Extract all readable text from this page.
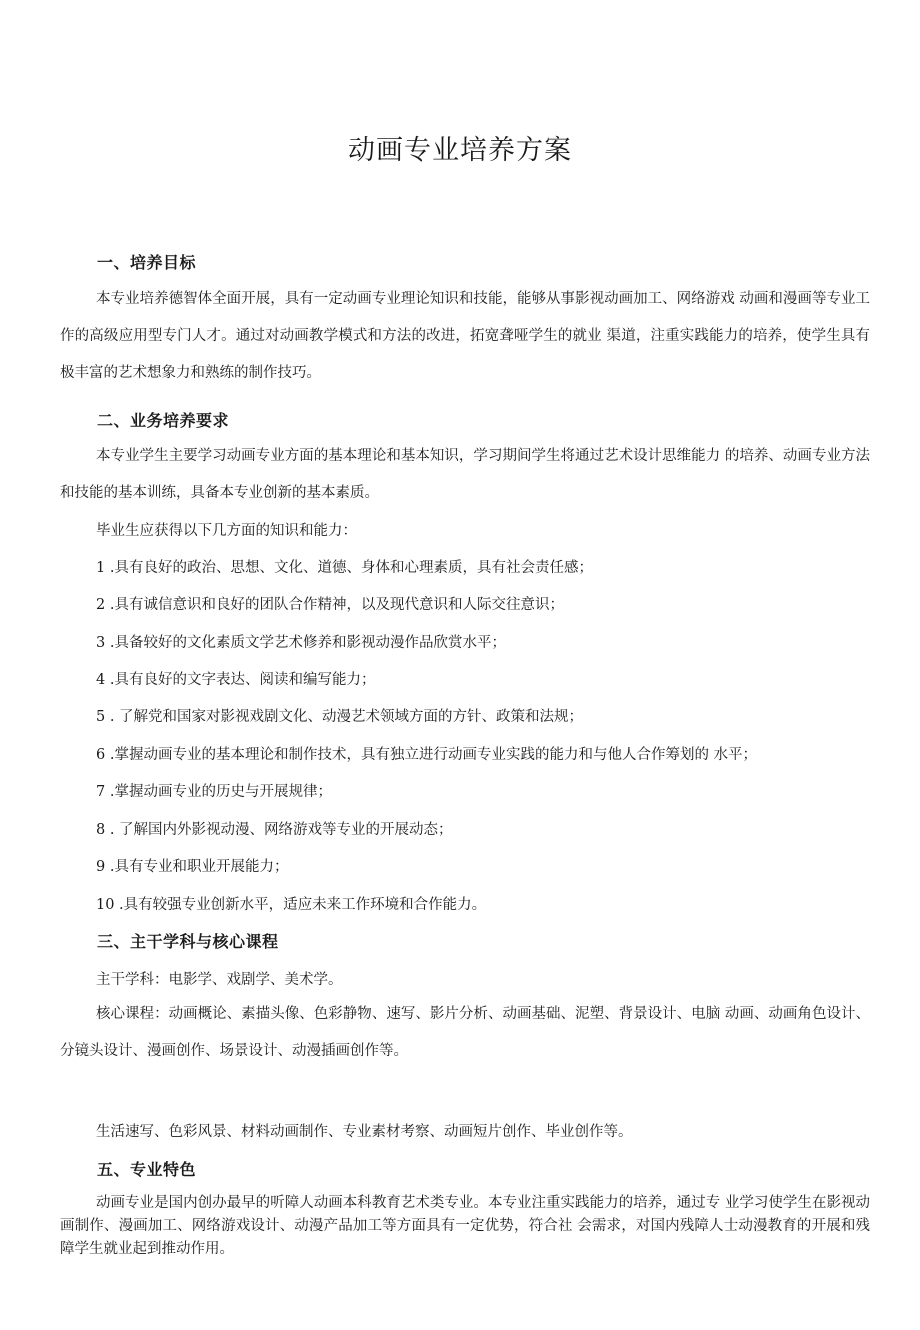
动画专业培养方案
一、培养目标

本专业培养德智体全面开展，具有一定动画专业理论知识和技能，能够从事影视动画加工、网络游戏 动画和漫画等专业工作的高级应用型专门人才。通过对动画教学模式和方法的改进，拓宽聋哑学生的就业 渠道，注重实践能力的培养，使学生具有极丰富的艺术想象力和熟练的制作技巧。

二、业务培养要求

本专业学生主要学习动画专业方面的基本理论和基本知识，学习期间学生将通过艺术设计思维能力 的培养、动画专业方法和技能的基本训练，具备本专业创新的基本素质。

毕业生应获得以下几方面的知识和能力：

1 .具有良好的政治、思想、文化、道德、身体和心理素质，具有社会责任感；

2 .具有诚信意识和良好的团队合作精神，以及现代意识和人际交往意识；

3 .具备较好的文化素质文学艺术修养和影视动漫作品欣赏水平；

4 .具有良好的文字表达、阅读和编写能力；

5 . 了解党和国家对影视戏剧文化、动漫艺术领域方面的方针、政策和法规；

6 .掌握动画专业的基本理论和制作技术，具有独立进行动画专业实践的能力和与他人合作筹划的 水平；

7 .掌握动画专业的历史与开展规律；

8 . 了解国内外影视动漫、网络游戏等专业的开展动态；

9 .具有专业和职业开展能力；

10 .具有较强专业创新水平，适应未来工作环境和合作能力。

三、主干学科与核心课程

主干学科：电影学、戏剧学、美术学。

核心课程：动画概论、素描头像、色彩静物、速写、影片分析、动画基础、泥塑、背景设计、电脑 动画、动画角色设计、分镜头设计、漫画创作、场景设计、动漫插画创作等。

生活速写、色彩风景、材料动画制作、专业素材考察、动画短片创作、毕业创作等。

五、专业特色

动画专业是国内创办最早的听障人动画本科教育艺术类专业。本专业注重实践能力的培养，通过专 业学习使学生在影视动画制作、漫画加工、网络游戏设计、动漫产品加工等方面具有一定优势，符合社 会需求，对国内残障人士动漫教育的开展和残障学生就业起到推动作用。
